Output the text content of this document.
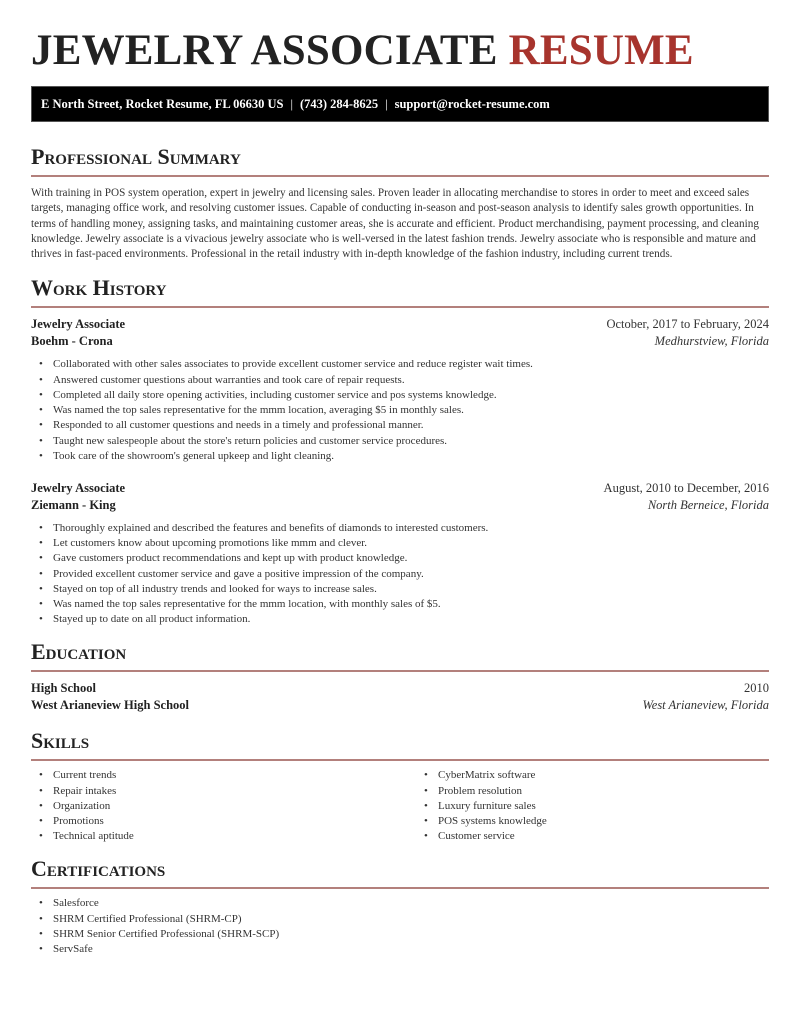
JEWELRY ASSOCIATE RESUME
E North Street, Rocket Resume, FL 06630 US | (743) 284-8625 | support@rocket-resume.com
Professional Summary

With training in POS system operation, expert in jewelry and licensing sales. Proven leader in allocating merchandise to stores in order to meet and exceed sales targets, managing office work, and resolving customer issues. Capable of conducting in-season and post-season analysis to identify sales growth opportunities. In terms of handling money, assigning tasks, and maintaining customer areas, she is accurate and efficient. Product merchandising, payment processing, and cleaning knowledge. Jewelry associate is a vivacious jewelry associate who is well-versed in the latest fashion trends. Jewelry associate who is responsible and mature and thrives in fast-paced environments. Professional in the retail industry with in-depth knowledge of the fashion industry, including current trends.

Work History
Jewelry Associate	October, 2017 to February, 2024
Boehm - Crona	Medhurstview, Florida
• Collaborated with other sales associates to provide excellent customer service and reduce register wait times.
• Answered customer questions about warranties and took care of repair requests.
• Completed all daily store opening activities, including customer service and pos systems knowledge.
• Was named the top sales representative for the mmm location, averaging $5 in monthly sales.
• Responded to all customer questions and needs in a timely and professional manner.
• Taught new salespeople about the store's return policies and customer service procedures.
• Took care of the showroom's general upkeep and light cleaning.
Jewelry Associate	August, 2010 to December, 2016
Ziemann - King	North Berneice, Florida
• Thoroughly explained and described the features and benefits of diamonds to interested customers.
• Let customers know about upcoming promotions like mmm and clever.
• Gave customers product recommendations and kept up with product knowledge.
• Provided excellent customer service and gave a positive impression of the company.
• Stayed on top of all industry trends and looked for ways to increase sales.
• Was named the top sales representative for the mmm location, with monthly sales of $5.
• Stayed up to date on all product information.
Education
High School	2010
West Arianeview High School	West Arianeview, Florida
Skills
• Current trends
• Repair intakes
• Organization
• Promotions
• Technical aptitude
• CyberMatrix software
• Problem resolution
• Luxury furniture sales
• POS systems knowledge
• Customer service
Certifications
• Salesforce
• SHRM Certified Professional (SHRM-CP)
• SHRM Senior Certified Professional (SHRM-SCP)
• ServSafe
